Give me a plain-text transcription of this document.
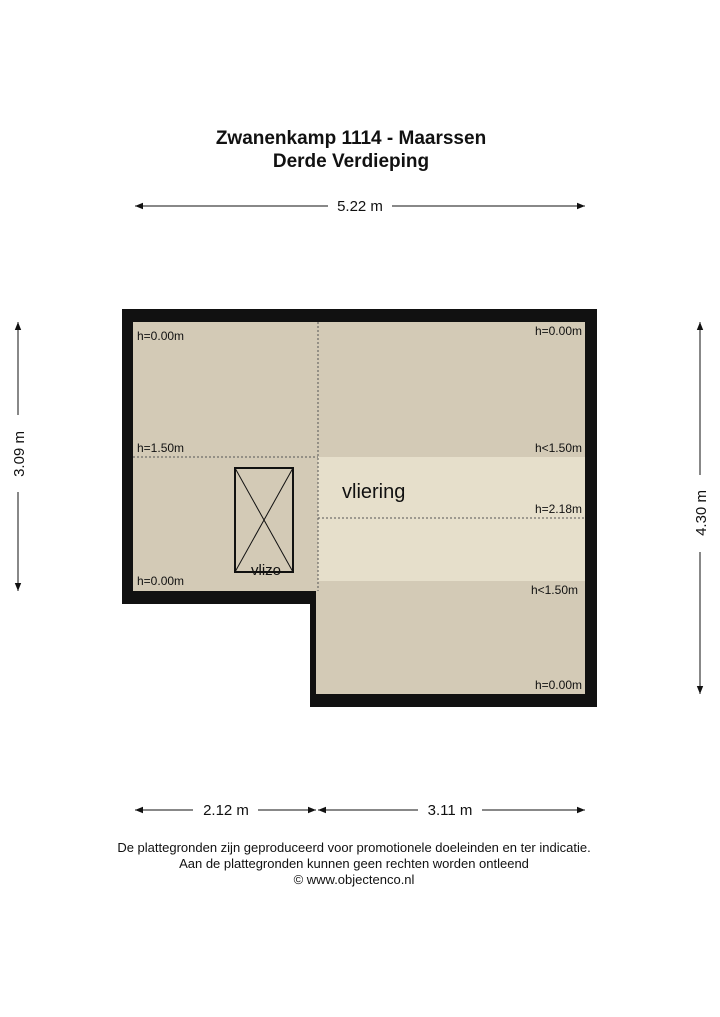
Zwanenkamp 1114 - Maarssen
Derde Verdieping
vliering
vlizo
h=0.00m
h=1.50m
h=0.00m
h=0.00m
h<1.50m
h=2.18m
h<1.50m
h=0.00m
5.22 m
2.12 m	3.11 m
3.09 m
4.30 m
De plattegronden zijn geproduceerd voor promotionele doeleinden en ter indicatie.
Aan de plattegronden kunnen geen rechten worden ontleend
© www.objectenco.nl
